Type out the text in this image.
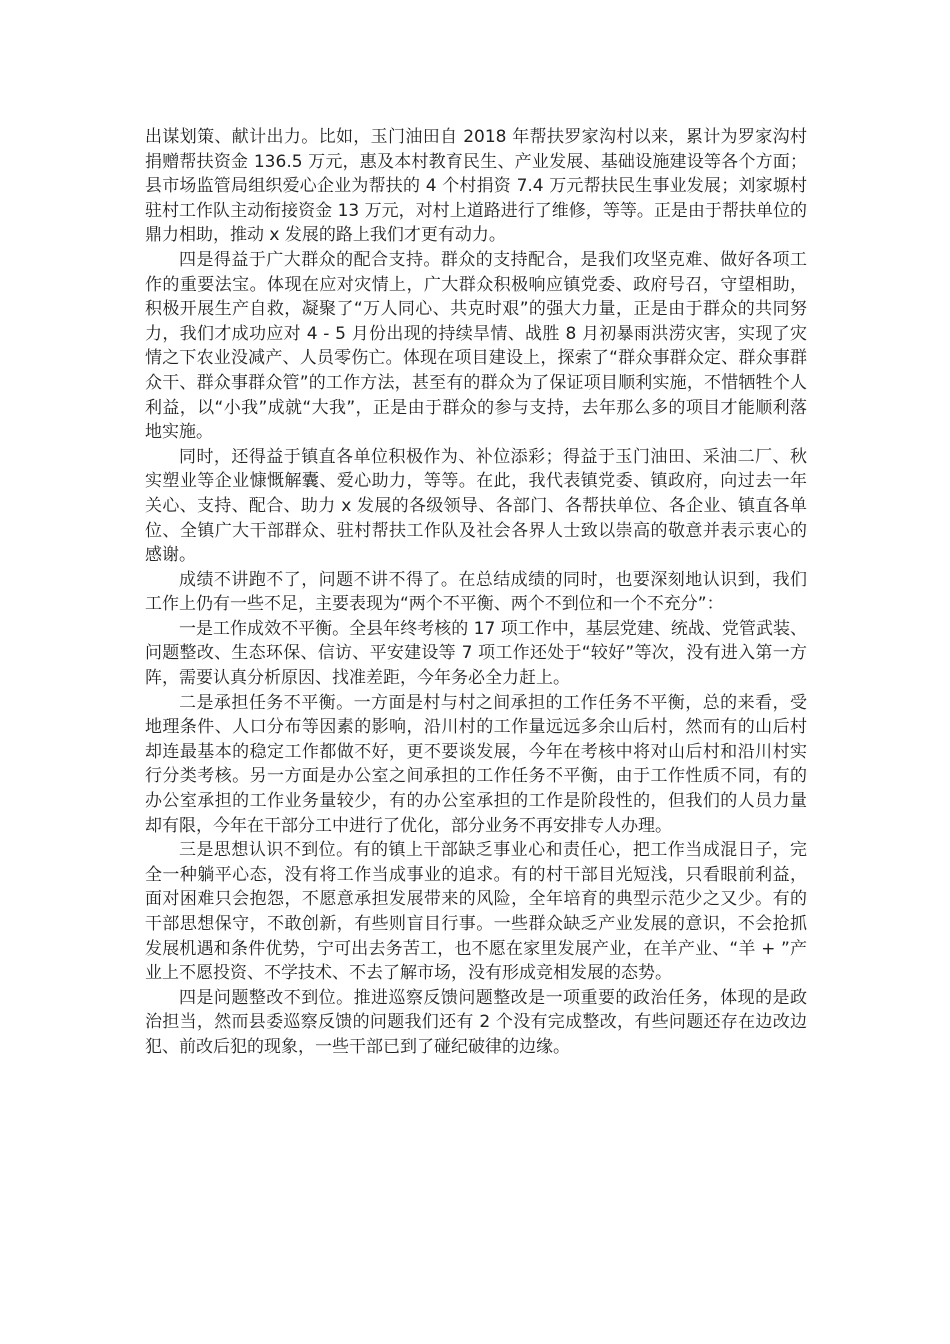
出谋划策、献计出力。比如，玉门油田自 2018 年帮扶罗家沟村以来，累计为罗家沟村捐赠帮扶资金 136.5 万元，惠及本村教育民生、产业发展、基础设施建设等各个方面；县市场监管局组织爱心企业为帮扶的 4 个村捐资 7.4 万元帮扶民生事业发展；刘家塬村驻村工作队主动衔接资金 13 万元，对村上道路进行了维修，等等。正是由于帮扶单位的鼎力相助，推动 x 发展的路上我们才更有动力。

四是得益于广大群众的配合支持。群众的支持配合，是我们攻坚克难、做好各项工作的重要法宝。体现在应对灾情上，广大群众积极响应镇党委、政府号召，守望相助，积极开展生产自救，凝聚了“万人同心、共克时艰”的强大力量，正是由于群众的共同努力，我们才成功应对 4 - 5 月份出现的持续旱情、战胜 8 月初暴雨洪涝灾害，实现了灾情之下农业没减产、人员零伤亡。体现在项目建设上，探索了“群众事群众定、群众事群众干、群众事群众管”的工作方法，甚至有的群众为了保证项目顺利实施，不惜牺牲个人利益，以“小我”成就“大我”，正是由于群众的参与支持，去年那么多的项目才能顺利落地实施。

同时，还得益于镇直各单位积极作为、补位添彩；得益于玉门油田、采油二厂、秋实塑业等企业慷慨解囊、爱心助力，等等。在此，我代表镇党委、镇政府，向过去一年关心、支持、配合、助力 x 发展的各级领导、各部门、各帮扶单位、各企业、镇直各单位、全镇广大干部群众、驻村帮扶工作队及社会各界人士致以崇高的敬意并表示衷心的感谢。

成绩不讲跑不了，问题不讲不得了。在总结成绩的同时，也要深刻地认识到，我们工作上仍有一些不足，主要表现为“两个不平衡、两个不到位和一个不充分”：

一是工作成效不平衡。全县年终考核的 17 项工作中，基层党建、统战、党管武装、问题整改、生态环保、信访、平安建设等 7 项工作还处于“较好”等次，没有进入第一方阵，需要认真分析原因、找准差距，今年务必全力赶上。

二是承担任务不平衡。一方面是村与村之间承担的工作任务不平衡，总的来看，受地理条件、人口分布等因素的影响，沿川村的工作量远远多余山后村，然而有的山后村却连最基本的稳定工作都做不好，更不要谈发展，今年在考核中将对山后村和沿川村实行分类考核。另一方面是办公室之间承担的工作任务不平衡，由于工作性质不同，有的办公室承担的工作业务量较少，有的办公室承担的工作是阶段性的，但我们的人员力量却有限，今年在干部分工中进行了优化，部分业务不再安排专人办理。

三是思想认识不到位。有的镇上干部缺乏事业心和责任心，把工作当成混日子，完全一种躺平心态，没有将工作当成事业的追求。有的村干部目光短浅，只看眼前利益，面对困难只会抱怨，不愿意承担发展带来的风险，全年培育的典型示范少之又少。有的干部思想保守，不敢创新，有些则盲目行事。一些群众缺乏产业发展的意识，不会抢抓发展机遇和条件优势，宁可出去务苦工，也不愿在家里发展产业，在羊产业、“羊 + ”产业上不愿投资、不学技术、不去了解市场，没有形成竞相发展的态势。

四是问题整改不到位。推进巡察反馈问题整改是一项重要的政治任务，体现的是政治担当，然而县委巡察反馈的问题我们还有 2 个没有完成整改，有些问题还存在边改边犯、前改后犯的现象，一些干部已到了碰纪破律的边缘。
